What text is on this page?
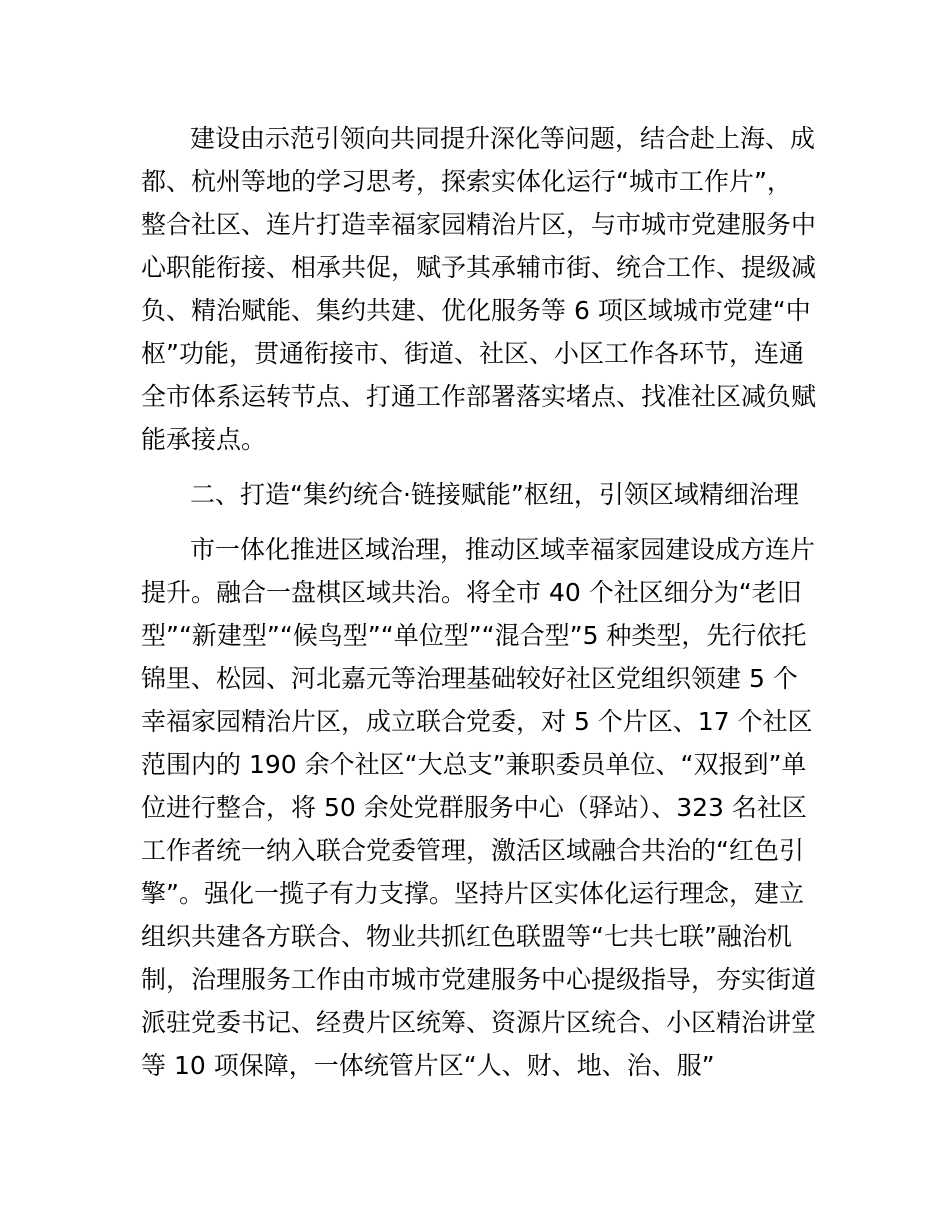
建设由示范引领向共同提升深化等问题，结合赴上海、成
都、杭州等地的学习思考，探索实体化运行“城市工作片”，
整合社区、连片打造幸福家园精治片区，与市城市党建服务中
心职能衔接、相承共促，赋予其承辅市街、统合工作、提级减
负、精治赋能、集约共建、优化服务等 6 项区域城市党建“中
枢”功能，贯通衔接市、街道、社区、小区工作各环节，连通
全市体系运转节点、打通工作部署落实堵点、找准社区减负赋
能承接点。
二、打造“集约统合·链接赋能”枢纽，引领区域精细治理
市一体化推进区域治理，推动区域幸福家园建设成方连片
提升。融合一盘棋区域共治。将全市 40 个社区细分为“老旧
型”“新建型”“候鸟型”“单位型”“混合型”5 种类型，先行依托
锦里、松园、河北嘉元等治理基础较好社区党组织领建 5 个
幸福家园精治片区，成立联合党委，对 5 个片区、17 个社区
范围内的 190 余个社区“大总支”兼职委员单位、“双报到”单
位进行整合，将 50 余处党群服务中心（驿站）、323 名社区
工作者统一纳入联合党委管理，激活区域融合共治的“红色引
擎”。强化一揽子有力支撑。坚持片区实体化运行理念，建立
组织共建各方联合、物业共抓红色联盟等“七共七联”融治机
制，治理服务工作由市城市党建服务中心提级指导，夯实街道
派驻党委书记、经费片区统筹、资源片区统合、小区精治讲堂
等 10 项保障，一体统管片区“人、财、地、治、服”
